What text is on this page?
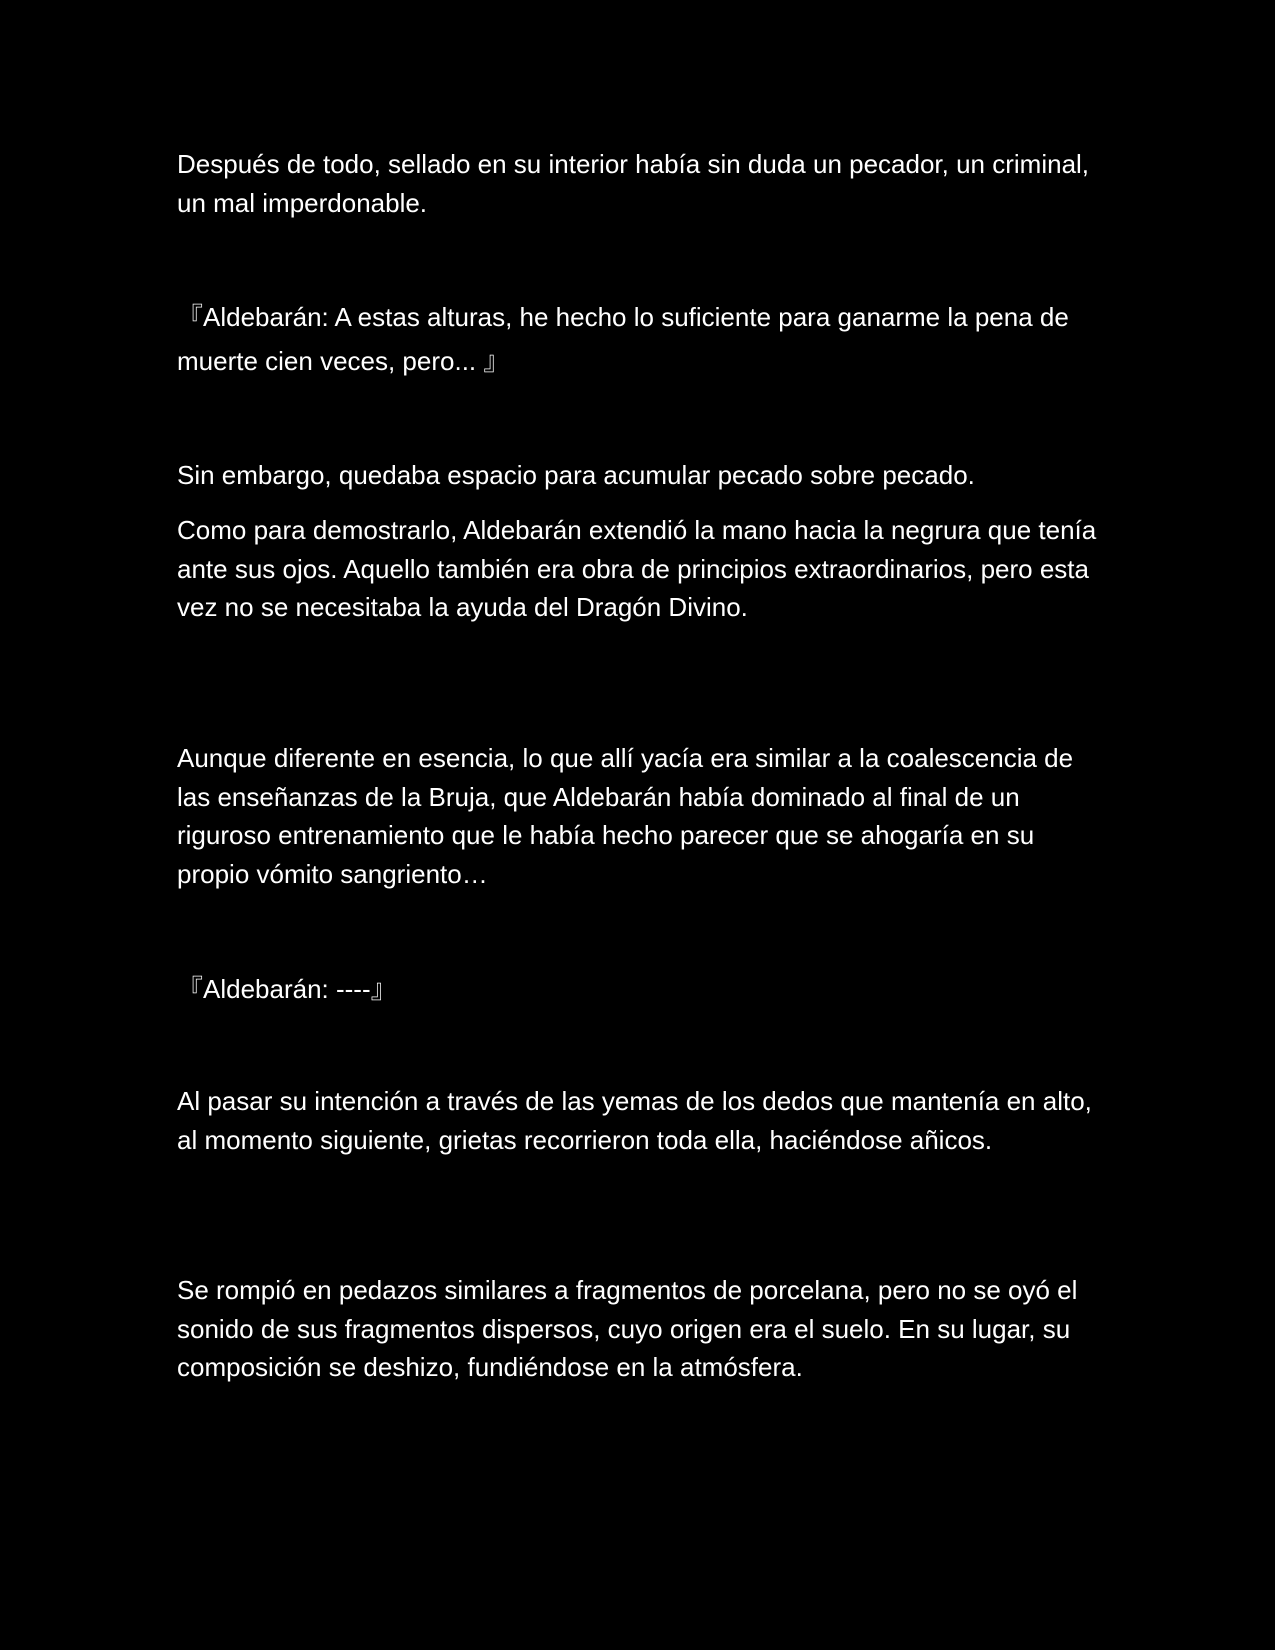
Después de todo, sellado en su interior había sin duda un pecador, un criminal, un mal imperdonable.

『Aldebarán: A estas alturas, he hecho lo suficiente para ganarme la pena de muerte cien veces, pero... 』

Sin embargo, quedaba espacio para acumular pecado sobre pecado.

Como para demostrarlo, Aldebarán extendió la mano hacia la negrura que tenía ante sus ojos. Aquello también era obra de principios extraordinarios, pero esta vez no se necesitaba la ayuda del Dragón Divino.

Aunque diferente en esencia, lo que allí yacía era similar a la coalescencia de las enseñanzas de la Bruja, que Aldebarán había dominado al final de un riguroso entrenamiento que le había hecho parecer que se ahogaría en su propio vómito sangriento…

『Aldebarán: ----』

Al pasar su intención a través de las yemas de los dedos que mantenía en alto, al momento siguiente, grietas recorrieron toda ella, haciéndose añicos.

Se rompió en pedazos similares a fragmentos de porcelana, pero no se oyó el sonido de sus fragmentos dispersos, cuyo origen era el suelo. En su lugar, su composición se deshizo, fundiéndose en la atmósfera.
